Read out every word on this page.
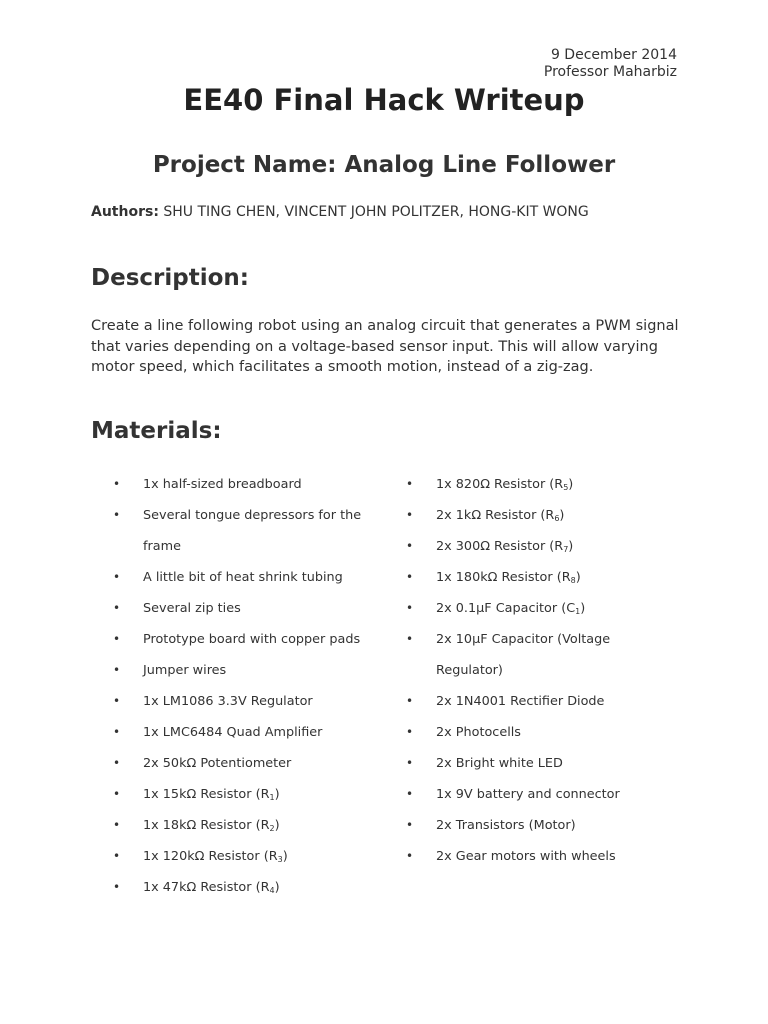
9 December 2014
Professor Maharbiz
EE40 Final Hack Writeup
Project Name: Analog Line Follower
Authors: SHU TING CHEN, VINCENT JOHN POLITZER, HONG-KIT WONG
Description:

Create a line following robot using an analog circuit that generates a PWM signal that varies depending on a voltage-based sensor input. This will allow varying motor speed, which facilitates a smooth motion, instead of a zig-zag.

Materials:
• 1x half-sized breadboard
• Several tongue depressors for the frame
• A little bit of heat shrink tubing
• Several zip ties
• Prototype board with copper pads
• Jumper wires
• 1x LM1086 3.3V Regulator
• 1x LMC6484 Quad Amplifier
• 2x 50kΩ Potentiometer
• 1x 15kΩ Resistor $(R_1)$
• 1x 18kΩ Resistor $(R_2)$
• 1x 120kΩ Resistor $(R_3)$
• 1x 47kΩ Resistor $(R_4)$
• 1x 820Ω Resistor $(R_5)$
• 2x 1kΩ Resistor $(R_6)$
• 2x 300Ω Resistor $(R_7)$
• 1x 180kΩ Resistor $(R_8)$
• 2x 0.1μF Capacitor $(C_1)$
• 2x 10μF Capacitor (Voltage Regulator)
• 2x 1N4001 Rectifier Diode
• 2x Photocells
• 2x Bright white LED
• 1x 9V battery and connector
• 2x Transistors (Motor)
• 2x Gear motors with wheels
